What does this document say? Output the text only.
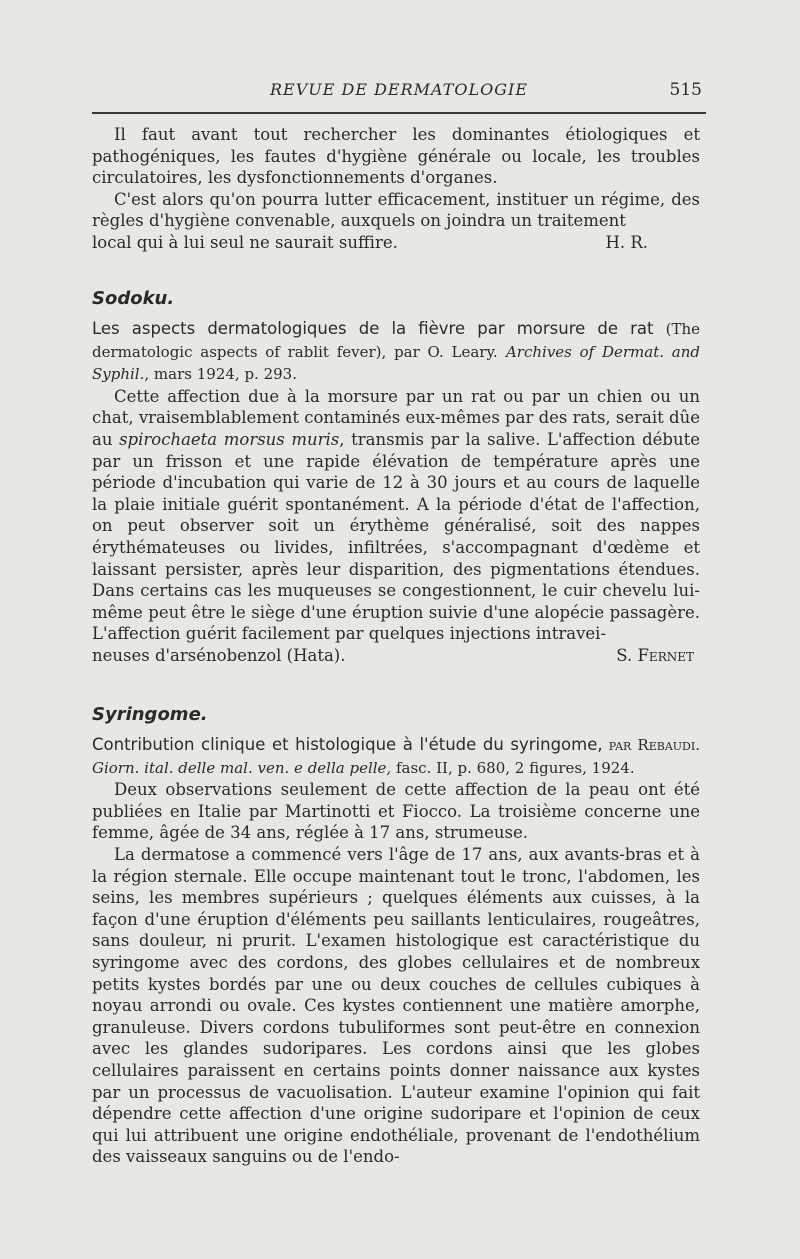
REVUE DE DERMATOLOGIE	515

Il faut avant tout rechercher les dominantes étiologiques et pathogéniques, les fautes d'hygiène générale ou locale, les troubles circulatoires, les dysfonctionnements d'organes.

C'est alors qu'on pourra lutter efficacement, instituer un régime, des règles d'hygiène convenable, auxquels on joindra un traitement

local qui à lui seul ne saurait suffire.	H. R.
Sodoku.

Les aspects dermatologiques de la fièvre par morsure de rat (The dermatologic aspects of rablit fever), par O. Leary. Archives of Dermat. and Syphil., mars 1924, p. 293.

Cette affection due à la morsure par un rat ou par un chien ou un chat, vraisemblablement contaminés eux-mêmes par des rats, serait dûe au spirochaeta morsus muris, transmis par la salive. L'affection débute par un frisson et une rapide élévation de température après une période d'incubation qui varie de 12 à 30 jours et au cours de laquelle la plaie initiale guérit spontanément. A la période d'état de l'affection, on peut observer soit un érythème généralisé, soit des nappes érythémateuses ou livides, infiltrées, s'accompagnant d'œdème et laissant persister, après leur disparition, des pigmentations étendues. Dans certains cas les muqueuses se congestionnent, le cuir chevelu lui-même peut être le siège d'une éruption suivie d'une alopécie passagère. L'affection guérit facilement par quelques injections intravei-

neuses d'arsénobenzol (Hata).	S. Fernet
Syringome.

Contribution clinique et histologique à l'étude du syringome, par Rebaudi. Giorn. ital. delle mal. ven. e della pelle, fasc. II, p. 680, 2 figures, 1924.

Deux observations seulement de cette affection de la peau ont été publiées en Italie par Martinotti et Fiocco. La troisième concerne une femme, âgée de 34 ans, réglée à 17 ans, strumeuse.

La dermatose a commencé vers l'âge de 17 ans, aux avants-bras et à la région sternale. Elle occupe maintenant tout le tronc, l'abdomen, les seins, les membres supérieurs ; quelques éléments aux cuisses, à la façon d'une éruption d'éléments peu saillants lenticulaires, rougeâtres, sans douleur, ni prurit. L'examen histologique est caractéristique du syringome avec des cordons, des globes cellulaires et de nombreux petits kystes bordés par une ou deux couches de cellules cubiques à noyau arrondi ou ovale. Ces kystes contiennent une matière amorphe, granuleuse. Divers cordons tubuliformes sont peut-être en connexion avec les glandes sudoripares. Les cordons ainsi que les globes cellulaires paraissent en certains points donner naissance aux kystes par un processus de vacuolisation. L'auteur examine l'opinion qui fait dépendre cette affection d'une origine sudoripare et l'opinion de ceux qui lui attribuent une origine endothéliale, provenant de l'endothélium des vaisseaux sanguins ou de l'endo-
